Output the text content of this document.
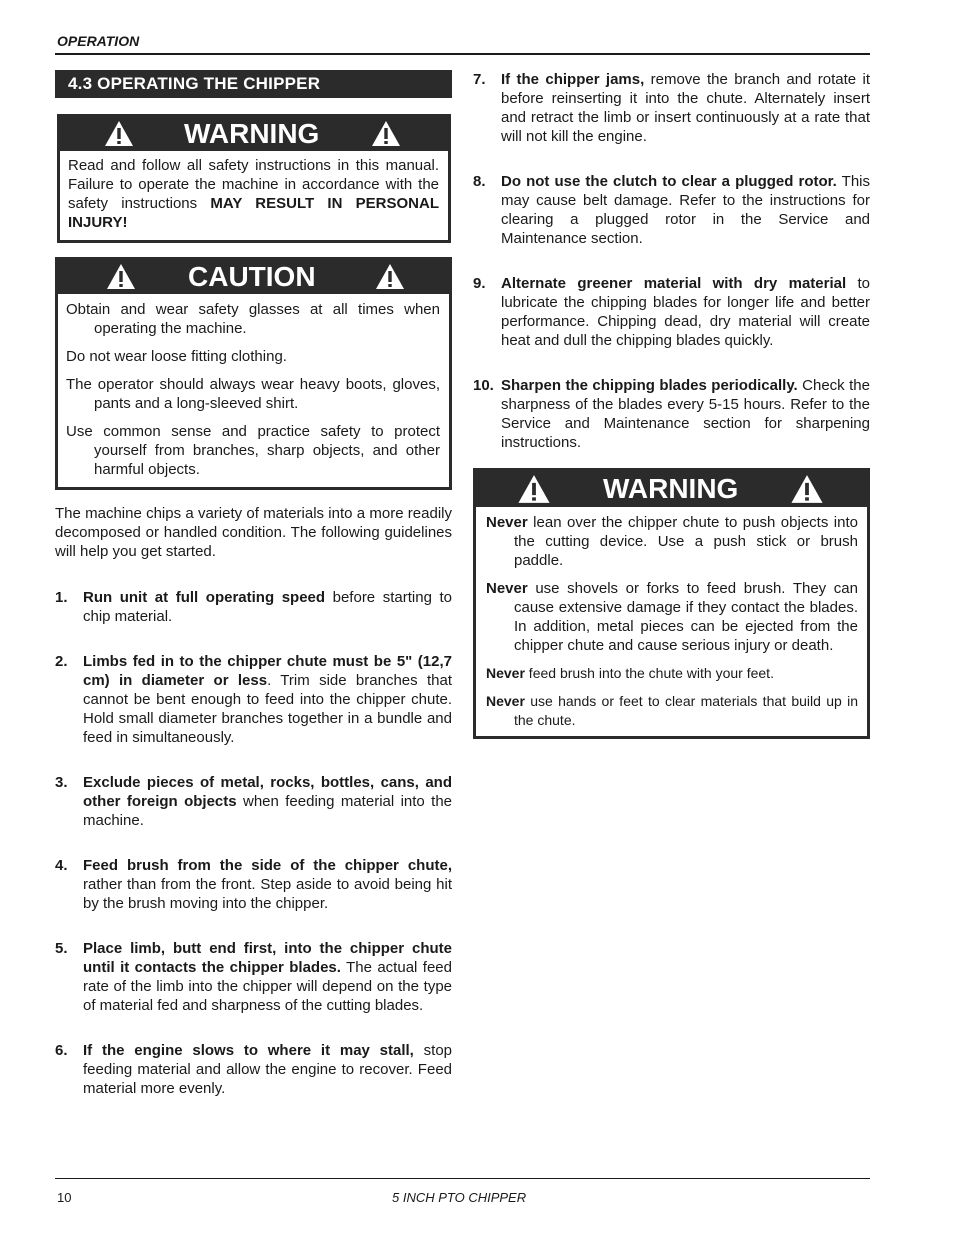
OPERATION
4.3 OPERATING THE CHIPPER
WARNING

Read and follow all safety instructions in this manual. Failure to operate the machine in accordance with the safety instructions MAY RESULT IN PERSONAL INJURY!

CAUTION

Obtain and wear safety glasses at all times when operating the machine.

Do not wear loose fitting clothing.

The operator should always wear heavy boots, gloves, pants and a long-sleeved shirt.

Use common sense and practice safety to protect yourself from branches, sharp objects, and other harmful objects.

The machine chips a variety of materials into a more readily decomposed or handled condition. The following guidelines will help you get started.

1. Run unit at full operating speed before starting to chip material.
2. Limbs fed in to the chipper chute must be 5" (12,7 cm) in diameter or less. Trim side branches that cannot be bent enough to feed into the chipper chute. Hold small diameter branches together in a bundle and feed in simultaneously.
3. Exclude pieces of metal, rocks, bottles, cans, and other foreign objects when feeding material into the machine.
4. Feed brush from the side of the chipper chute, rather than from the front. Step aside to avoid being hit by the brush moving into the chipper.
5. Place limb, butt end first, into the chipper chute until it contacts the chipper blades. The actual feed rate of the limb into the chipper will depend on the type of material fed and sharpness of the cutting blades.
6. If the engine slows to where it may stall, stop feeding material and allow the engine to recover. Feed material more evenly.
7. If the chipper jams, remove the branch and rotate it before reinserting it into the chute. Alternately insert and retract the limb or insert continuously at a rate that will not kill the engine.
8. Do not use the clutch to clear a plugged rotor. This may cause belt damage. Refer to the instructions for clearing a plugged rotor in the Service and Maintenance section.
9. Alternate greener material with dry material to lubricate the chipping blades for longer life and better performance. Chipping dead, dry material will create heat and dull the chipping blades quickly.
10. Sharpen the chipping blades periodically. Check the sharpness of the blades every 5-15 hours. Refer to the Service and Maintenance section for sharpening instructions.
WARNING

Never lean over the chipper chute to push objects into the cutting device. Use a push stick or brush paddle.

Never use shovels or forks to feed brush. They can cause extensive damage if they contact the blades. In addition, metal pieces can be ejected from the chipper chute and cause serious injury or death.

Never feed brush into the chute with your feet.

Never use hands or feet to clear materials that build up in the chute.

10	5 INCH PTO CHIPPER
